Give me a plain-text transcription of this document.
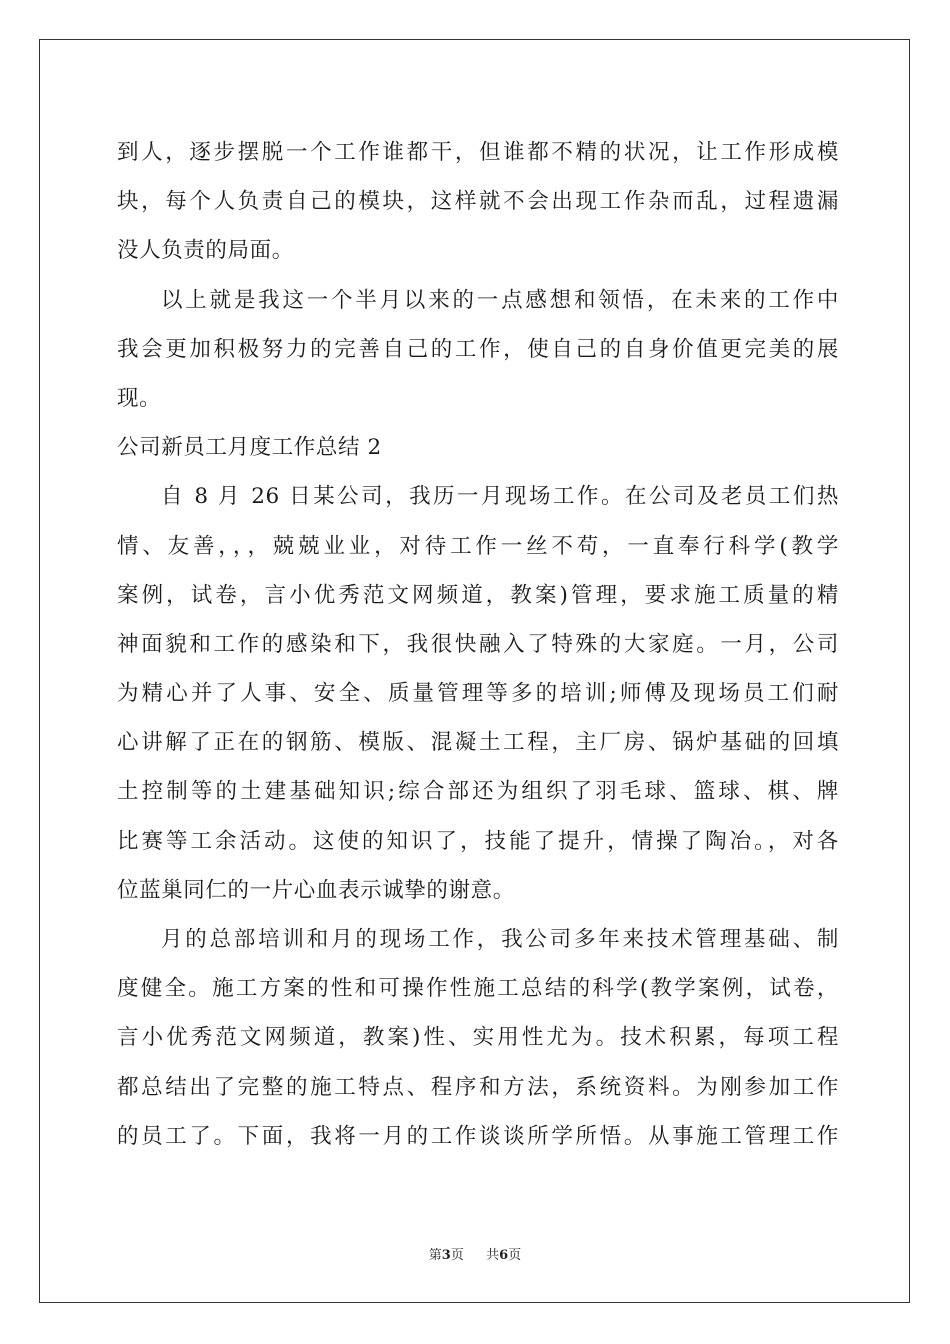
到人，逐步摆脱一个工作谁都干，但谁都不精的状况，让工作形成模
块，每个人负责自己的模块，这样就不会出现工作杂而乱，过程遗漏
没人负责的局面。
以上就是我这一个半月以来的一点感想和领悟，在未来的工作中
我会更加积极努力的完善自己的工作，使自己的自身价值更完美的展
现。
公司新员工月度工作总结 2
自 8 月 26 日某公司，我历一月现场工作。在公司及老员工们热
情、友善，，，兢兢业业，对待工作一丝不苟，一直奉行科学(教学
案例，试卷，言小优秀范文网频道，教案)管理，要求施工质量的精
神面貌和工作的感染和下，我很快融入了特殊的大家庭。一月，公司
为精心并了人事、安全、质量管理等多的培训;师傅及现场员工们耐
心讲解了正在的钢筋、模版、混凝土工程，主厂房、锅炉基础的回填
土控制等的土建基础知识;综合部还为组织了羽毛球、篮球、棋、牌
比赛等工余活动。这使的知识了，技能了提升，情操了陶冶。，对各
位蓝巢同仁的一片心血表示诚挚的谢意。
月的总部培训和月的现场工作，我公司多年来技术管理基础、制
度健全。施工方案的性和可操作性施工总结的科学(教学案例，试卷，
言小优秀范文网频道，教案)性、实用性尤为。技术积累，每项工程
都总结出了完整的施工特点、程序和方法，系统资料。为刚参加工作
的员工了。下面，我将一月的工作谈谈所学所悟。从事施工管理工作
第3页 共6页
